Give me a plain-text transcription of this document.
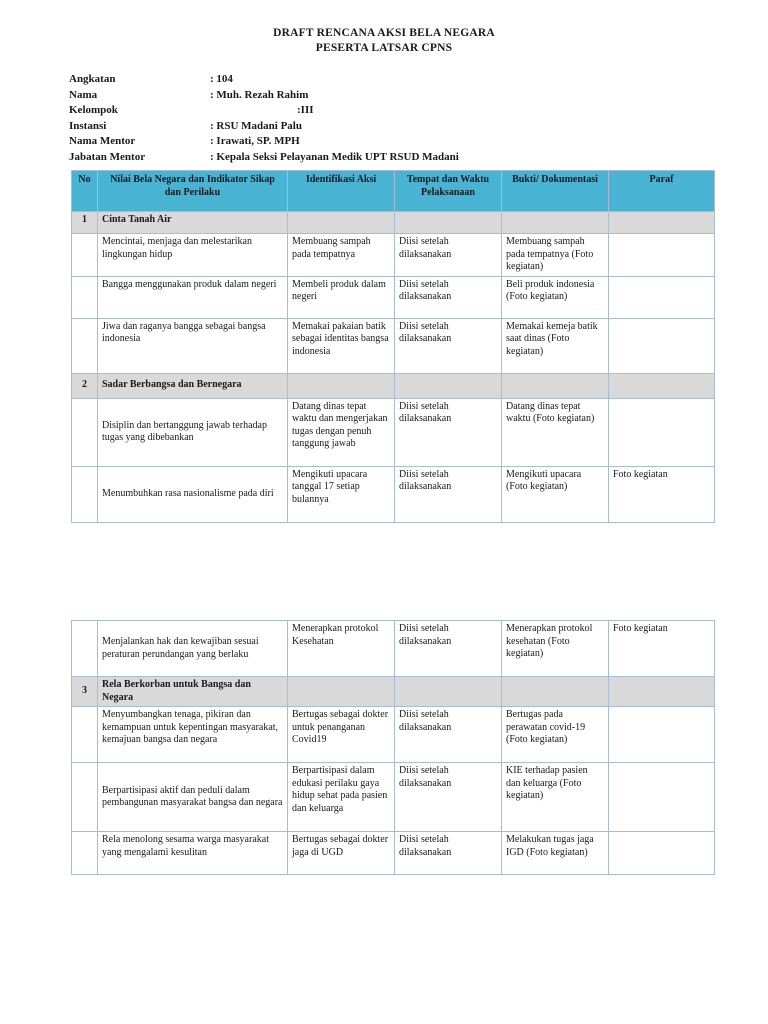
DRAFT RENCANA AKSI BELA NEGARA
PESERTA LATSAR CPNS
Angkatan	: 104
Nama	: Muh. Rezah Rahim
Kelompok	:III
Instansi	: RSU Madani Palu
Nama Mentor	: Irawati, SP. MPH
Jabatan Mentor	: Kepala Seksi Pelayanan Medik UPT RSUD Madani
No	Nilai Bela Negara dan Indikator Sikap dan Perilaku	Identifikasi Aksi	Tempat dan Waktu Pelaksanaan	Bukti/ Dokumentasi	Paraf
1	Cinta Tanah Air				
	Mencintai, menjaga dan melestarikan lingkungan hidup	Membuang sampah pada tempatnya	Diisi setelah dilaksanakan	Membuang sampah pada tempatnya (Foto kegiatan)	
	Bangga menggunakan produk dalam negeri	Membeli produk dalam negeri	Diisi setelah dilaksanakan	Beli produk indonesia (Foto kegiatan)	
	Jiwa dan raganya bangga sebagai bangsa indonesia	Memakai pakaian batik sebagai identitas bangsa indonesia	Diisi setelah dilaksanakan	Memakai kemeja batik saat dinas (Foto kegiatan)	
2	Sadar Berbangsa dan Bernegara				
	Disiplin dan bertanggung jawab terhadap tugas yang dibebankan	Datang dinas tepat waktu dan mengerjakan tugas dengan penuh tanggung jawab	Diisi setelah dilaksanakan	Datang dinas tepat waktu (Foto kegiatan)	
	Menumbuhkan rasa nasionalisme pada diri	Mengikuti upacara tanggal 17 setiap bulannya	Diisi setelah dilaksanakan	Mengikuti upacara (Foto kegiatan)	Foto kegiatan
	Menjalankan hak dan kewajiban sesuai peraturan perundangan yang berlaku	Menerapkan protokol Kesehatan	Diisi setelah dilaksanakan	Menerapkan protokol kesehatan (Foto kegiatan)	Foto kegiatan
3	Rela Berkorban untuk Bangsa dan Negara				
	Menyumbangkan tenaga, pikiran dan kemampuan untuk kepentingan masyarakat, kemajuan bangsa dan negara	Bertugas sebagai dokter untuk penanganan Covid19	Diisi setelah dilaksanakan	Bertugas pada perawatan covid-19 (Foto kegiatan)	
	Berpartisipasi aktif dan peduli dalam pembangunan masyarakat bangsa dan negara	Berpartisipasi dalam edukasi perilaku gaya hidup sehat pada pasien dan keluarga	Diisi setelah dilaksanakan	KIE terhadap pasien dan keluarga (Foto kegiatan)	
	Rela menolong sesama warga masyarakat yang mengalami kesulitan	Bertugas sebagai dokter jaga di UGD	Diisi setelah dilaksanakan	Melakukan tugas jaga IGD (Foto kegiatan)	
